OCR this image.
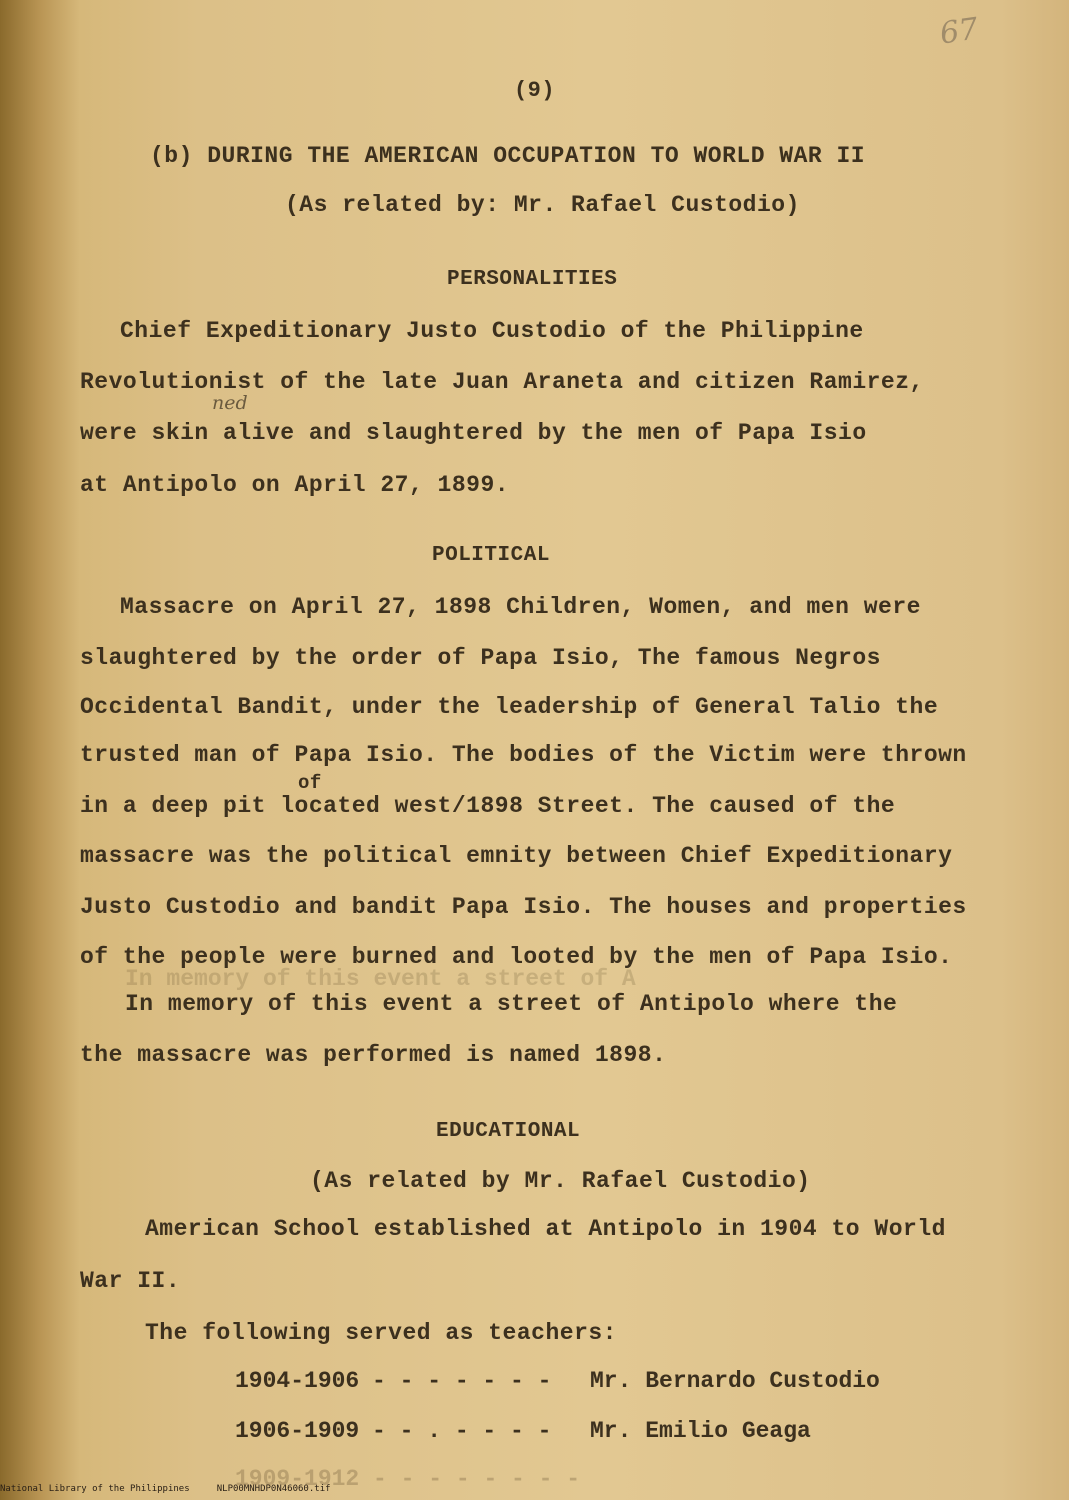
67
(9)
(b) DURING THE AMERICAN OCCUPATION TO WORLD WAR II
(As related by: Mr. Rafael Custodio)
PERSONALITIES
Chief Expeditionary Justo Custodio of the Philippine
Revolutionist of the late Juan Araneta and citizen Ramirez,
ned
were skin alive and slaughtered by the men of Papa Isio
at Antipolo on April 27, 1899.
POLITICAL
Massacre on April 27, 1898 Children, Women, and men were
slaughtered by the order of Papa Isio, The famous Negros
Occidental Bandit, under the leadership of General Talio the
trusted man of Papa Isio. The bodies of the Victim were thrown
of
in a deep pit located west/1898 Street. The caused of the
massacre was the political emnity between Chief Expeditionary
Justo Custodio and bandit Papa Isio. The houses and properties
of the people were burned and looted by the men of Papa Isio.
In memory of this event a street of A
In memory of this event a street of Antipolo where the
the massacre was performed is named 1898.
EDUCATIONAL
(As related by Mr. Rafael Custodio)
American School established at Antipolo in 1904 to World
War II.
The following served as teachers:
1904-1906 - - - - - - - Mr. Bernardo Custodio
1906-1909 - - . - - - - Mr. Emilio Geaga
1909-1912 - - - - - - - -
National Library of the Philippines     NLP00MNHDP0N46060.tif
